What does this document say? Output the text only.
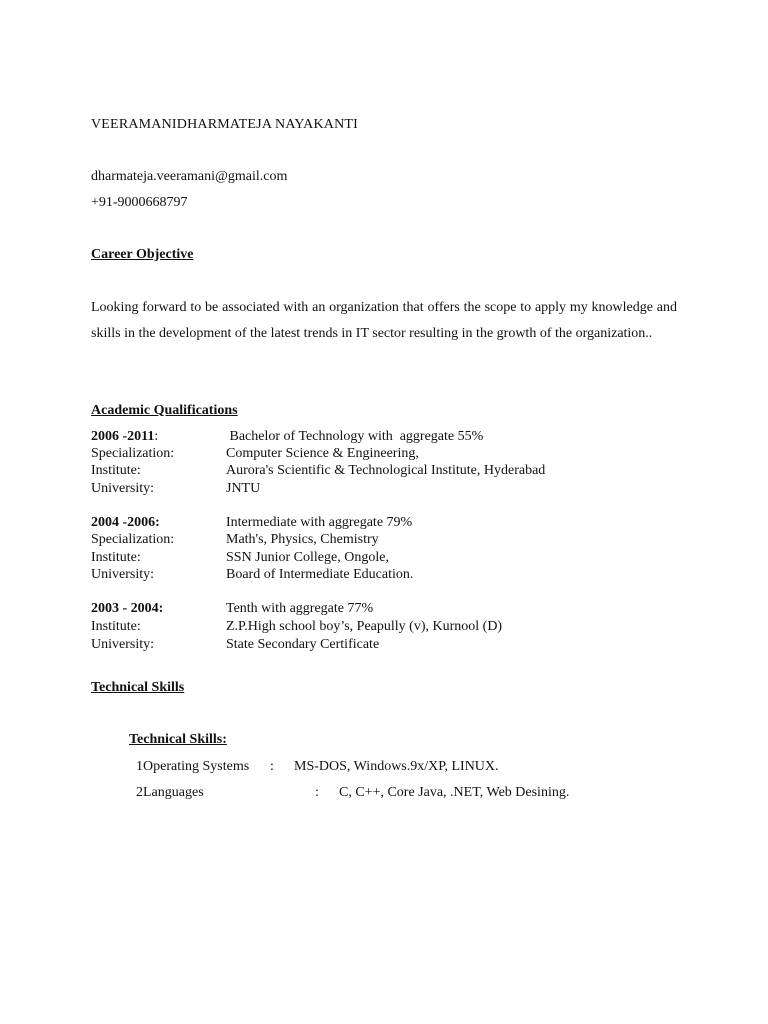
VEERAMANIDHARMATEJA NAYAKANTI
dharmateja.veeramani@gmail.com
+91-9000668797
Career Objective
Looking forward to be associated with an organization that offers the scope to apply my knowledge and skills in the development of the latest trends in IT sector resulting in the growth of the organization..
Academic Qualifications
2006 -2011:	Bachelor of Technology with  aggregate 55%
Specialization:	Computer Science & Engineering,
Institute:	Aurora's Scientific & Technological Institute, Hyderabad
University:	JNTU
2004 -2006:	Intermediate with aggregate 79%
Specialization:	Math's, Physics, Chemistry
Institute:	SSN Junior College, Ongole,
University:	Board of Intermediate Education.
2003 - 2004:	Tenth with aggregate 77%
Institute:	Z.P.High school boy’s, Peapully (v), Kurnool (D)
University:	State Secondary Certificate
Technical Skills
Technical Skills:
1Operating Systems : MS-DOS, Windows.9x/XP, LINUX.
2Languages	: C, C++, Core Java, .NET, Web Desining.
